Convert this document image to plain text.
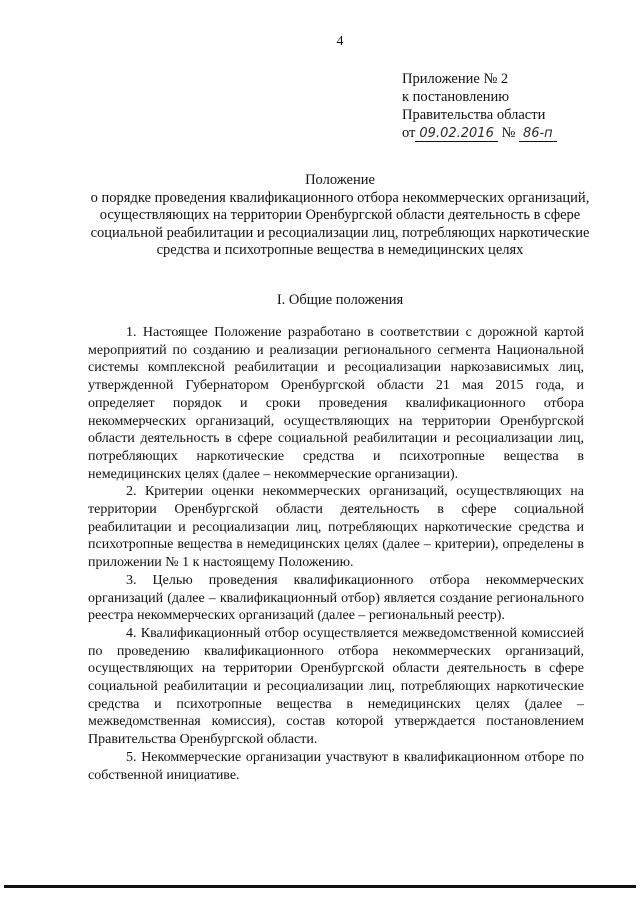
4
Приложение № 2
к постановлению
Правительства области
от 09.02.2016 № 86-п
Положение
о порядке проведения квалификационного отбора некоммерческих организаций, осуществляющих на территории Оренбургской области деятельность в сфере социальной реабилитации и ресоциализации лиц, потребляющих наркотические средства и психотропные вещества в немедицинских целях
I. Общие положения

1. Настоящее Положение разработано в соответствии с дорожной картой мероприятий по созданию и реализации регионального сегмента Национальной системы комплексной реабилитации и ресоциализации наркозависимых лиц, утвержденной Губернатором Оренбургской области 21 мая 2015 года, и определяет порядок и сроки проведения квалификационного отбора некоммерческих организаций, осуществляющих на территории Оренбургской области деятельность в сфере социальной реабилитации и ресоциализации лиц, потребляющих наркотические средства и психотропные вещества в немедицинских целях (далее – некоммерческие организации).

2. Критерии оценки некоммерческих организаций, осуществляющих на территории Оренбургской области деятельность в сфере социальной реабилитации и ресоциализации лиц, потребляющих наркотические средства и психотропные вещества в немедицинских целях (далее – критерии), определены в приложении № 1 к настоящему Положению.

3. Целью проведения квалификационного отбора некоммерческих организаций (далее – квалификационный отбор) является создание регионального реестра некоммерческих организаций (далее – региональный реестр).

4. Квалификационный отбор осуществляется межведомственной комиссией по проведению квалификационного отбора некоммерческих организаций, осуществляющих на территории Оренбургской области деятельность в сфере социальной реабилитации и ресоциализации лиц, потребляющих наркотические средства и психотропные вещества в немедицинских целях (далее – межведомственная комиссия), состав которой утверждается постановлением Правительства Оренбургской области.

5. Некоммерческие организации участвуют в квалификационном отборе по собственной инициативе.
